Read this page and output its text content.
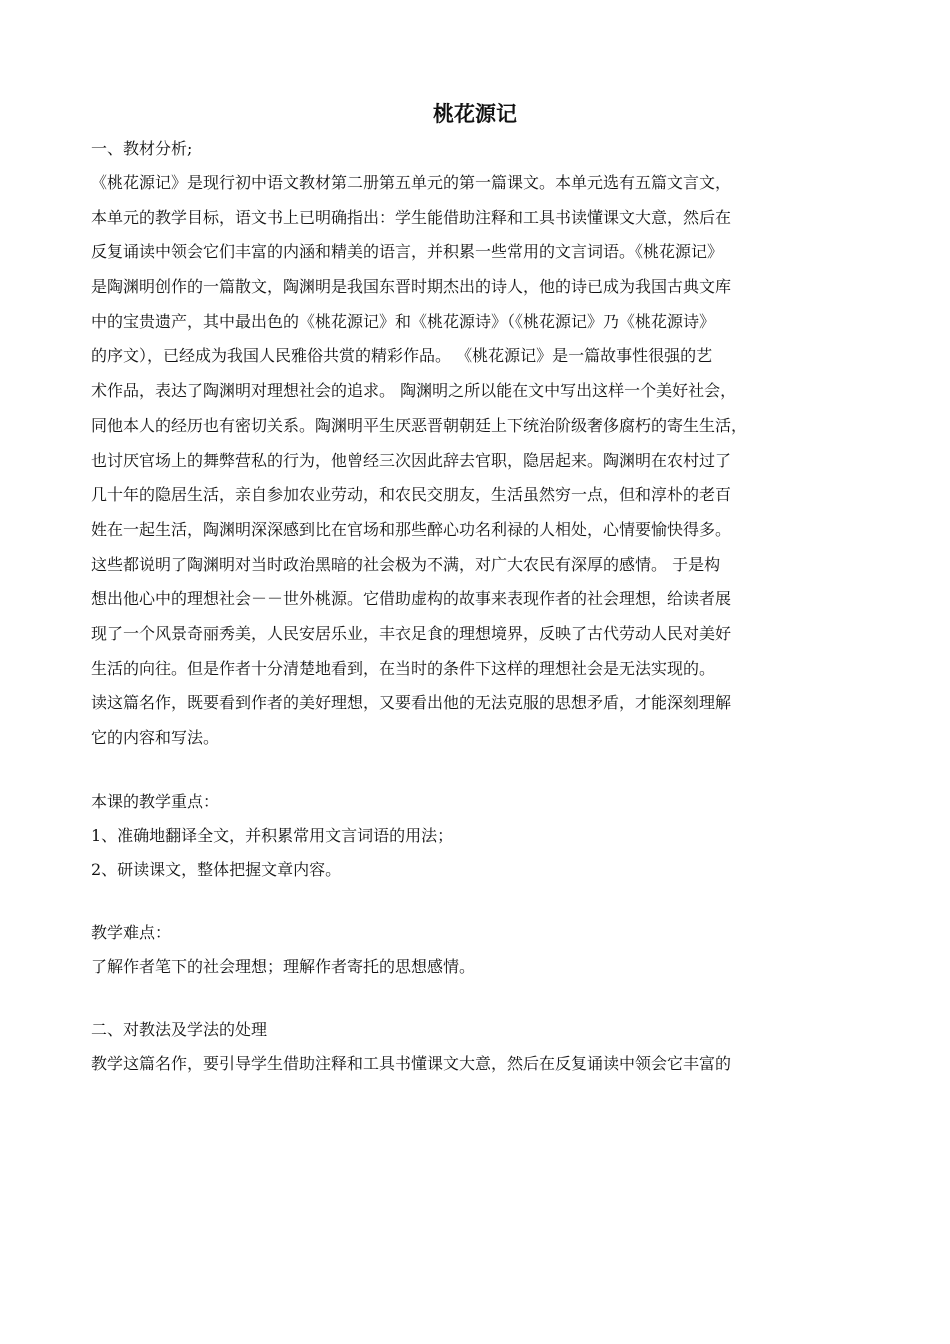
桃花源记
一、教材分析;
《桃花源记》是现行初中语文教材第二册第五单元的第一篇课文。本单元选有五篇文言文，
本单元的教学目标，语文书上已明确指出：学生能借助注释和工具书读懂课文大意，然后在
反复诵读中领会它们丰富的内涵和精美的语言，并积累一些常用的文言词语。《桃花源记》
是陶渊明创作的一篇散文，陶渊明是我国东晋时期杰出的诗人，他的诗已成为我国古典文库
中的宝贵遗产，其中最出色的《桃花源记》和《桃花源诗》（《桃花源记》乃《桃花源诗》
的序文），已经成为我国人民雅俗共赏的精彩作品。 《桃花源记》是一篇故事性很强的艺
术作品，表达了陶渊明对理想社会的追求。 陶渊明之所以能在文中写出这样一个美好社会，
同他本人的经历也有密切关系。陶渊明平生厌恶晋朝朝廷上下统治阶级奢侈腐朽的寄生生活，
也讨厌官场上的舞弊营私的行为，他曾经三次因此辞去官职，隐居起来。陶渊明在农村过了
几十年的隐居生活，亲自参加农业劳动，和农民交朋友，生活虽然穷一点，但和淳朴的老百
姓在一起生活，陶渊明深深感到比在官场和那些醉心功名利禄的人相处，心情要愉快得多。
这些都说明了陶渊明对当时政治黑暗的社会极为不满，对广大农民有深厚的感情。 于是构
想出他心中的理想社会－－世外桃源。它借助虚构的故事来表现作者的社会理想，给读者展
现了一个风景奇丽秀美，人民安居乐业，丰衣足食的理想境界，反映了古代劳动人民对美好
生活的向往。但是作者十分清楚地看到，在当时的条件下这样的理想社会是无法实现的。
读这篇名作，既要看到作者的美好理想，又要看出他的无法克服的思想矛盾，才能深刻理解
它的内容和写法。
本课的教学重点：
1、准确地翻译全文，并积累常用文言词语的用法；
2、研读课文，整体把握文章内容。
教学难点：
了解作者笔下的社会理想；理解作者寄托的思想感情。
二、对教法及学法的处理
教学这篇名作，要引导学生借助注释和工具书懂课文大意，然后在反复诵读中领会它丰富的
